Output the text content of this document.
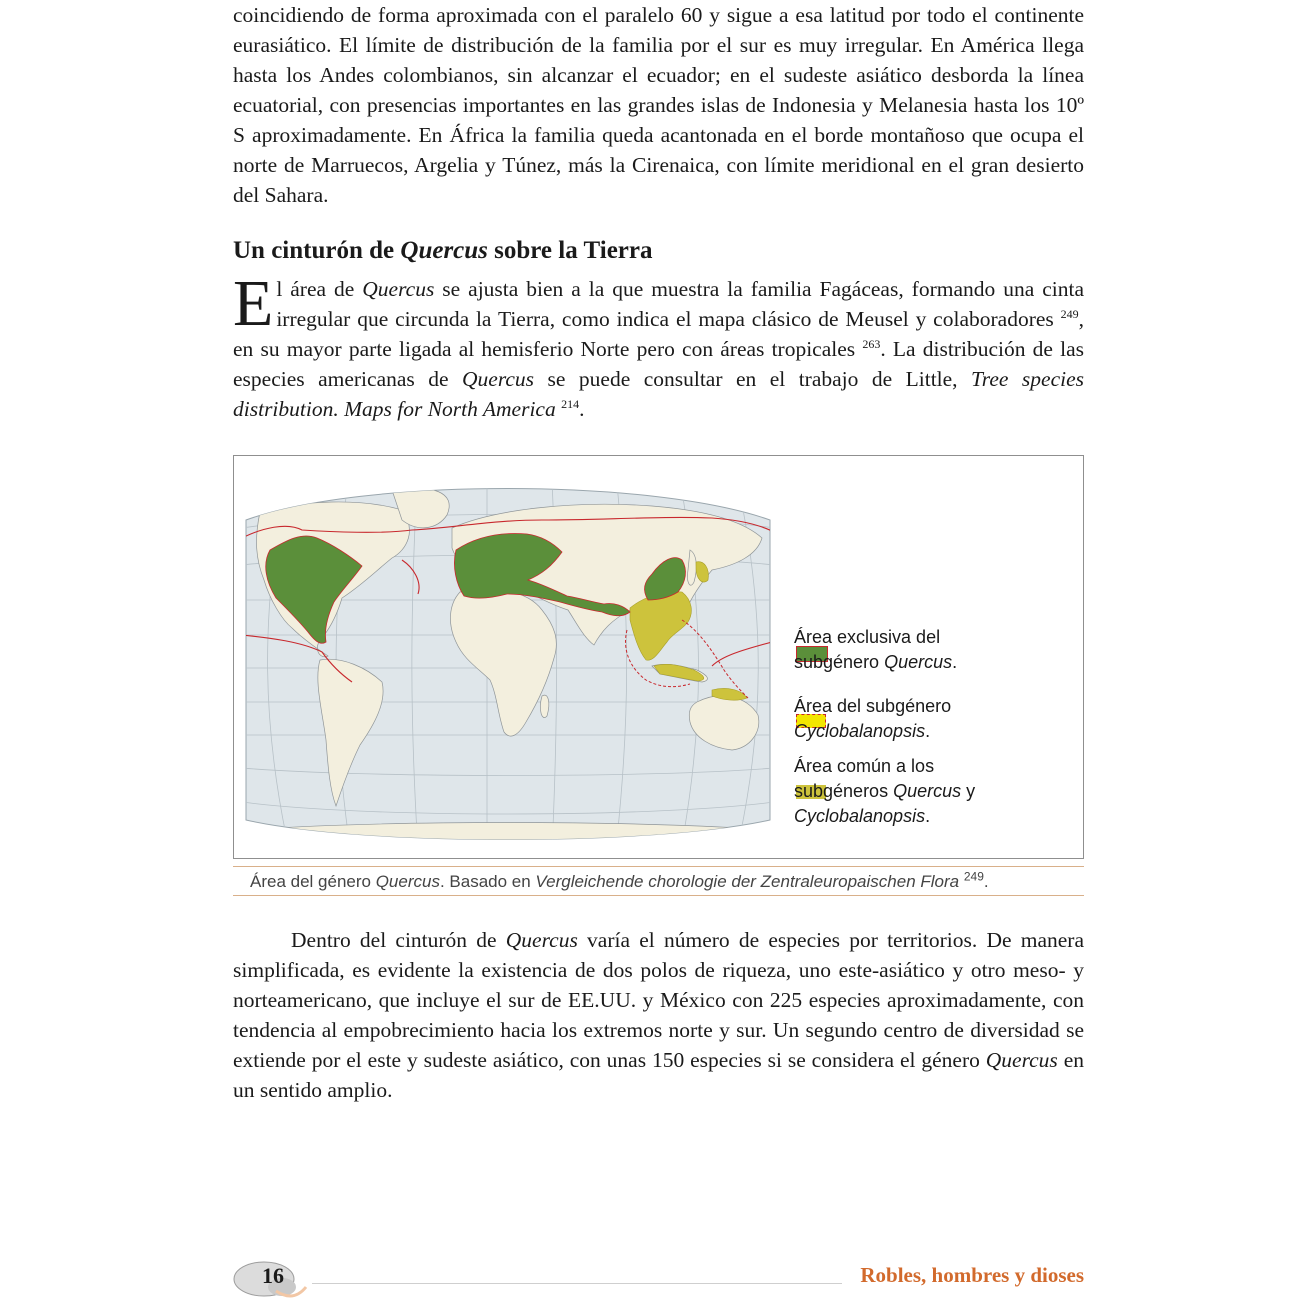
coincidiendo de forma aproximada con el paralelo 60 y sigue a esa latitud por todo el continente eurasiático. El límite de distribución de la familia por el sur es muy irregular. En América llega hasta los Andes colombianos, sin alcanzar el ecuador; en el sudeste asiático desborda la línea ecuatorial, con presencias importantes en las grandes islas de Indonesia y Melanesia hasta los 10º S aproximadamente. En África la familia queda acantonada en el borde montañoso que ocupa el norte de Marruecos, Argelia y Túnez, más la Cirenaica, con límite meridional en el gran desierto del Sahara.

Un cinturón de Quercus sobre la Tierra

El área de Quercus se ajusta bien a la que muestra la familia Fagáceas, formando una cinta irregular que circunda la Tierra, como indica el mapa clásico de Meusel y colaboradores $^{249}$, en su mayor parte ligada al hemisferio Norte pero con áreas tropicales $^{263}$. La distribución de las especies americanas de Quercus se puede consultar en el trabajo de Little, Tree species distribution. Maps for North America $^{214}$.

Área exclusiva del
subgénero Quercus.
Área del subgénero
Cyclobalanopsis.
Área común a los
subgéneros Quercus y
Cyclobalanopsis.
Área del género Quercus. Basado en Vergleichende chorologie der Zentraleuropaischen Flora $^{249}$.

Dentro del cinturón de Quercus varía el número de especies por territorios. De manera simplificada, es evidente la existencia de dos polos de riqueza, uno este-asiático y otro meso- y norteamericano, que incluye el sur de EE.UU. y México con 225 especies aproximadamente, con tendencia al empobrecimiento hacia los extremos norte y sur. Un segundo centro de diversidad se extiende por el este y sudeste asiático, con unas 150 especies si se considera el género Quercus en un sentido amplio.

16	Robles, hombres y dioses
